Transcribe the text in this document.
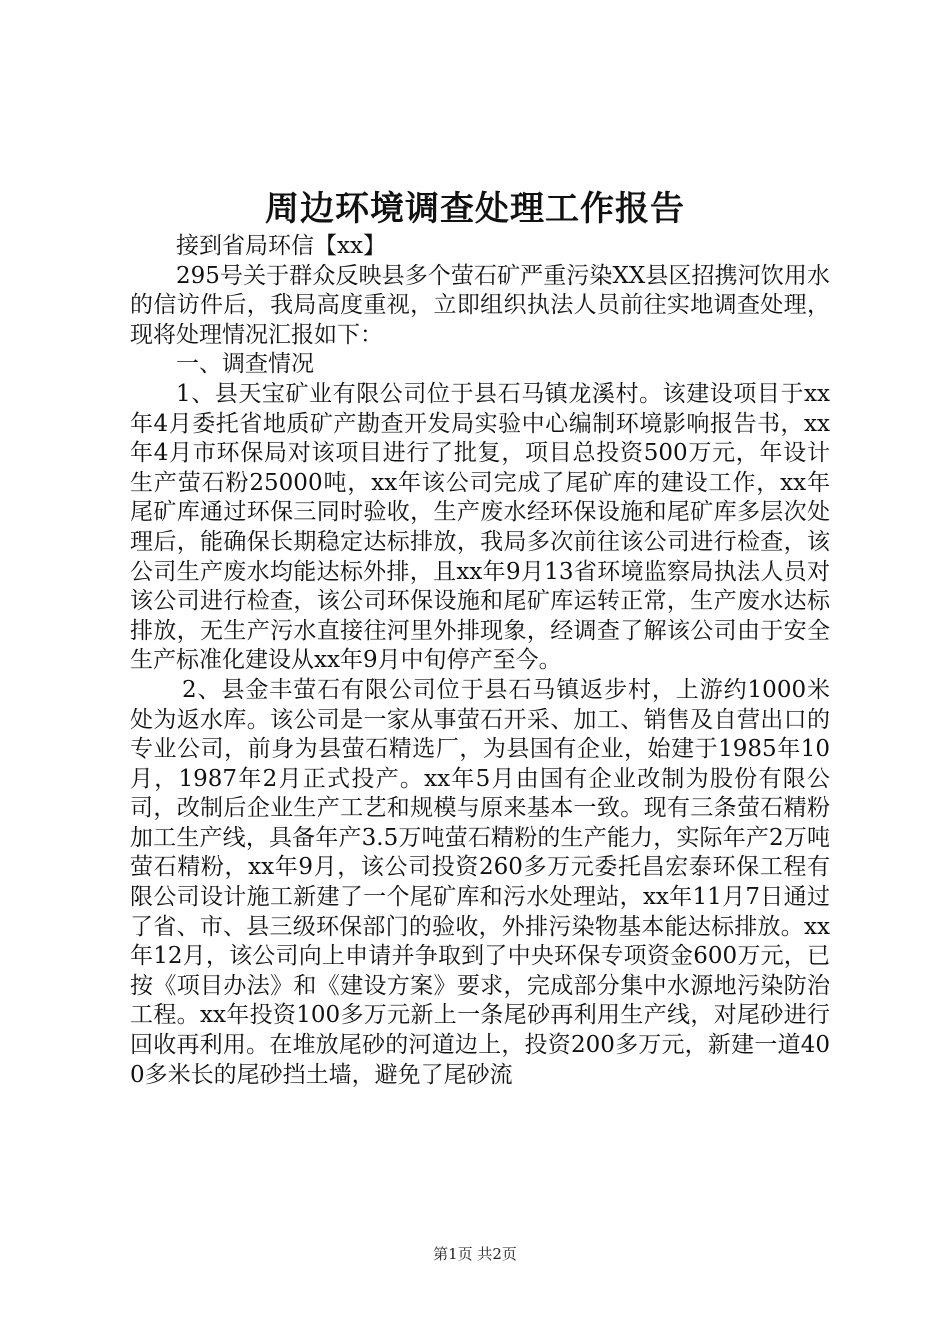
周边环境调查处理工作报告

接到省局环信【xx】

295号关于群众反映县多个萤石矿严重污染XX县区招携河饮用水的信访件后，我局高度重视，立即组织执法人员前往实地调查处理，现将处理情况汇报如下：

一、调查情况

1、县天宝矿业有限公司位于县石马镇龙溪村。该建设项目于xx年4月委托省地质矿产勘查开发局实验中心编制环境影响报告书，xx年4月市环保局对该项目进行了批复，项目总投资500万元，年设计生产萤石粉25000吨，xx年该公司完成了尾矿库的建设工作，xx年尾矿库通过环保三同时验收，生产废水经环保设施和尾矿库多层次处理后，能确保长期稳定达标排放，我局多次前往该公司进行检查，该公司生产废水均能达标外排，且xx年9月13省环境监察局执法人员对该公司进行检查，该公司环保设施和尾矿库运转正常，生产废水达标排放，无生产污水直接往河里外排现象，经调查了解该公司由于安全生产标准化建设从xx年9月中旬停产至今。

2、县金丰萤石有限公司位于县石马镇返步村，上游约1000米处为返水库。该公司是一家从事萤石开采、加工、销售及自营出口的专业公司，前身为县萤石精选厂，为县国有企业，始建于1985年10月，1987年2月正式投产。xx年5月由国有企业改制为股份有限公司，改制后企业生产工艺和规模与原来基本一致。现有三条萤石精粉加工生产线，具备年产3.5万吨萤石精粉的生产能力，实际年产2万吨萤石精粉，xx年9月，该公司投资260多万元委托昌宏泰环保工程有限公司设计施工新建了一个尾矿库和污水处理站，xx年11月7日通过了省、市、县三级环保部门的验收，外排污染物基本能达标排放。xx年12月，该公司向上申请并争取到了中央环保专项资金600万元，已按《项目办法》和《建设方案》要求，完成部分集中水源地污染防治工程。xx年投资100多万元新上一条尾砂再利用生产线，对尾砂进行回收再利用。在堆放尾砂的河道边上，投资200多万元，新建一道400多米长的尾砂挡土墙，避免了尾砂流

第1页 共2页
